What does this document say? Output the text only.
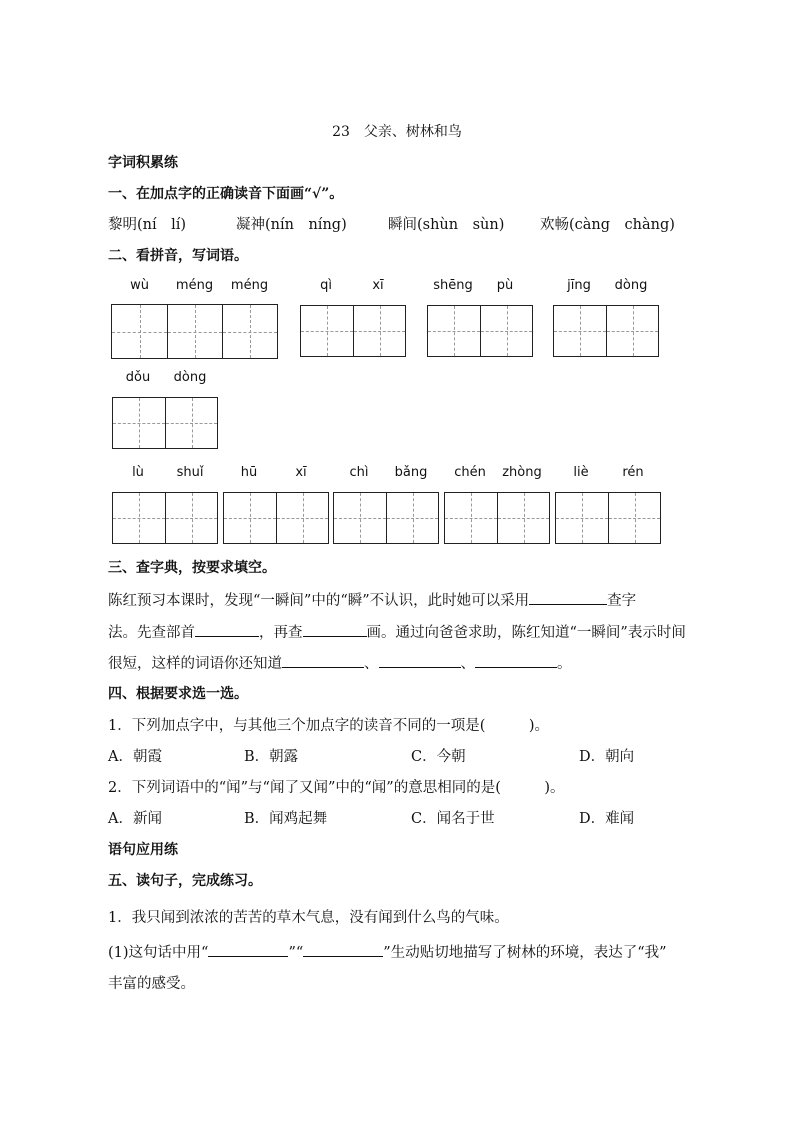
23　父亲、树林和鸟
字词积累练
一、在加点字的正确读音下面画“√”。
黎明(ní　lí)	凝神(nín　níng)	瞬间(shùn　sùn) 欢畅(càng　chàng)
二、看拼音，写词语。
wù	méng	méng	qì	xī	shēng	pù	jīng	dòng
dǒu	dòng
lù	shuǐ	hū	xī	chì	bǎng	chén	zhòng	liè	rén
三、查字典，按要求填空。
陈红预习本课时，发现“一瞬间”中的“瞬”不认识，此时她可以采用	查字
法。先查部首	，再查	画。通过向爸爸求助，陈红知道“一瞬间”表示时间
很短，这样的词语你还知道	、	、	。
四、根据要求选一选。
1．下列加点字中，与其他三个加点字的读音不同的一项是(　　　)。
A．朝霞	B．朝露	C．今朝	D．朝向
2．下列词语中的“闻”与“闻了又闻”中的“闻”的意思相同的是(　　　)。
A．新闻	B．闻鸡起舞	C．闻名于世	D．难闻
语句应用练
五、读句子，完成练习。
1．我只闻到浓浓的苦苦的草木气息，没有闻到什么鸟的气味。
(1)这句话中用“	”“	”生动贴切地描写了树林的环境，表达了“我”
丰富的感受。
